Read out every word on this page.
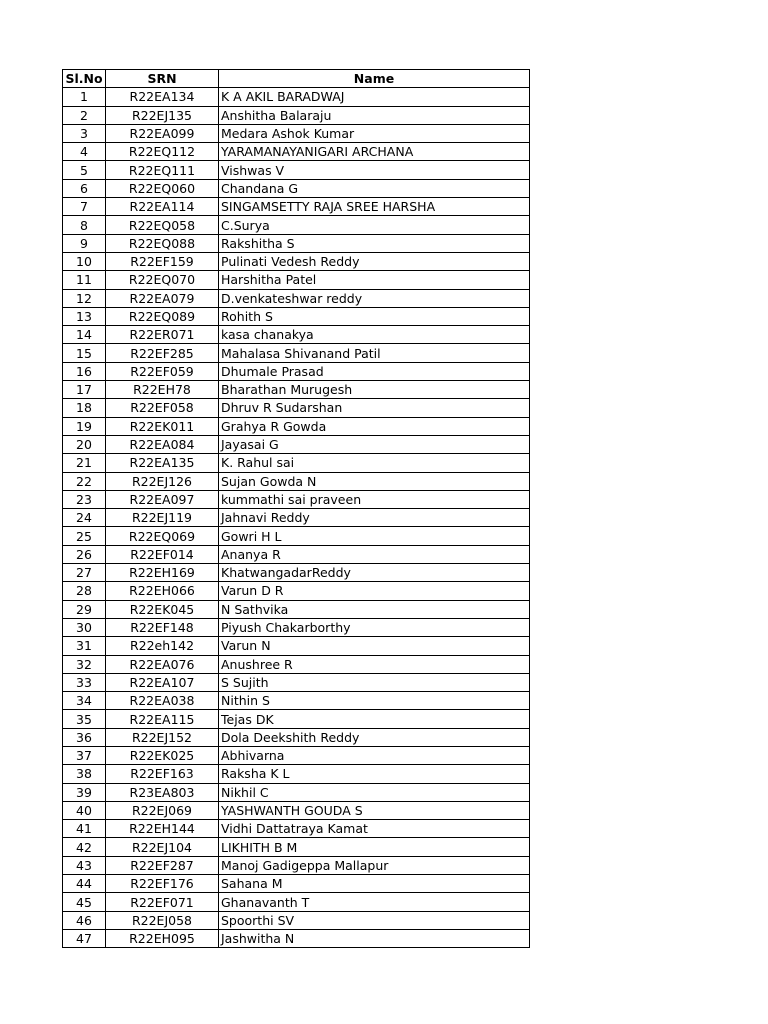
Sl.No	SRN	Name
1	R22EA134	K A AKIL BARADWAJ
2	R22EJ135	Anshitha Balaraju
3	R22EA099	Medara Ashok Kumar
4	R22EQ112	YARAMANAYANIGARI ARCHANA
5	R22EQ111	Vishwas V
6	R22EQ060	Chandana G
7	R22EA114	SINGAMSETTY RAJA SREE HARSHA
8	R22EQ058	C.Surya
9	R22EQ088	Rakshitha S
10	R22EF159	Pulinati Vedesh Reddy
11	R22EQ070	Harshitha Patel
12	R22EA079	D.venkateshwar reddy
13	R22EQ089	Rohith S
14	R22ER071	kasa chanakya
15	R22EF285	Mahalasa Shivanand Patil
16	R22EF059	Dhumale Prasad
17	R22EH78	Bharathan Murugesh
18	R22EF058	Dhruv R Sudarshan
19	R22EK011	Grahya R Gowda
20	R22EA084	Jayasai G
21	R22EA135	K. Rahul sai
22	R22EJ126	Sujan Gowda N
23	R22EA097	kummathi sai praveen
24	R22EJ119	Jahnavi Reddy
25	R22EQ069	Gowri H L
26	R22EF014	Ananya R
27	R22EH169	KhatwangadarReddy
28	R22EH066	Varun D R
29	R22EK045	N Sathvika
30	R22EF148	Piyush Chakarborthy
31	R22eh142	Varun N
32	R22EA076	Anushree R
33	R22EA107	S Sujith
34	R22EA038	Nithin S
35	R22EA115	Tejas DK
36	R22EJ152	Dola Deekshith Reddy
37	R22EK025	Abhivarna
38	R22EF163	Raksha K L
39	R23EA803	Nikhil C
40	R22EJ069	YASHWANTH GOUDA S
41	R22EH144	Vidhi Dattatraya Kamat
42	R22EJ104	LIKHITH B M
43	R22EF287	Manoj Gadigeppa Mallapur
44	R22EF176	Sahana M
45	R22EF071	Ghanavanth T
46	R22EJ058	Spoorthi SV
47	R22EH095	Jashwitha N
